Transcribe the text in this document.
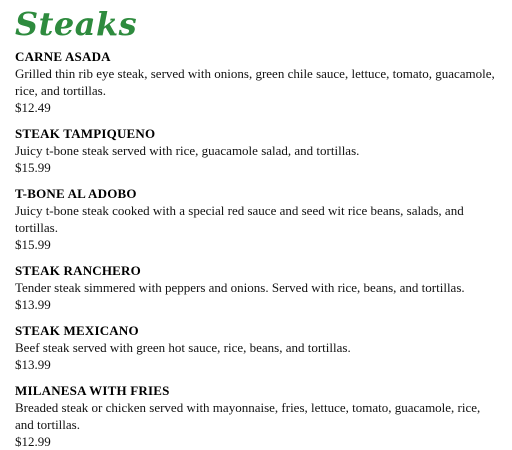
Steaks
CARNE ASADA
Grilled thin rib eye steak, served with onions, green chile sauce, lettuce, tomato, guacamole, rice, and tortillas.
$12.49
STEAK TAMPIQUENO
Juicy t-bone steak served with rice, guacamole salad, and tortillas.
$15.99
T-BONE AL ADOBO
Juicy t-bone steak cooked with a special red sauce and seed wit rice beans, salads, and tortillas.
$15.99
STEAK RANCHERO
Tender steak simmered with peppers and onions. Served with rice, beans, and tortillas.
$13.99
STEAK MEXICANO
Beef steak served with green hot sauce, rice, beans, and tortillas.
$13.99
MILANESA WITH FRIES
Breaded steak or chicken served with mayonnaise, fries, lettuce, tomato, guacamole, rice, and tortillas.
$12.99
